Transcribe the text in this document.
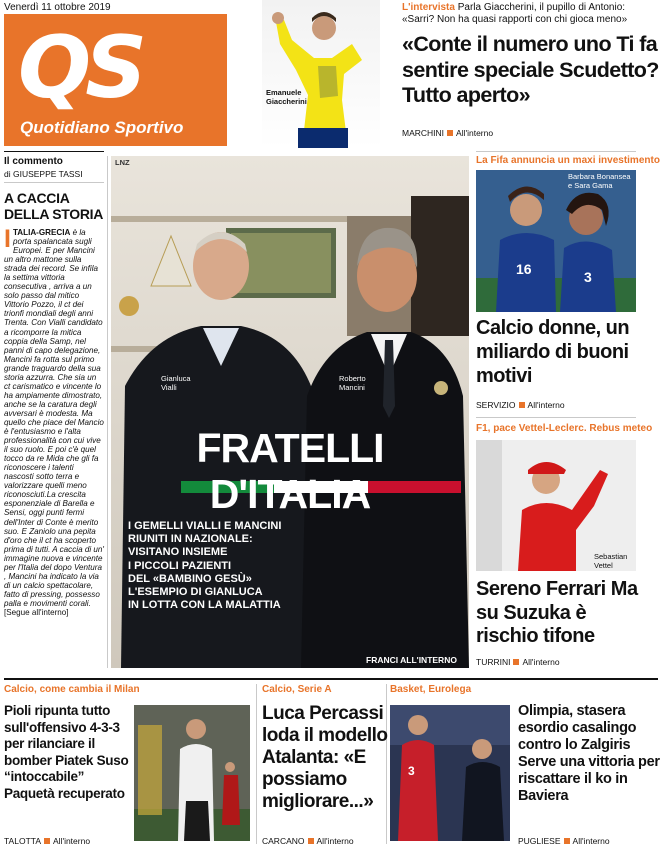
Venerdì 11 ottobre 2019
QS
Quotidiano Sportivo
Emanuele Giaccherini
L'intervista Parla Giaccherini, il pupillo di Antonio: «Sarri? Non ha quasi rapporti con chi gioca meno»
«Conte il numero uno Ti fa sentire speciale Scudetto? Tutto aperto»
MARCHINI All'interno
Il commento
di GIUSEPPE TASSI
A CACCIA DELLA STORIA
ITALIA-GRECIA è la porta spalancata sugli Europei. E per Mancini un altro mattone sulla strada dei record. Se infila la settima vittoria consecutiva , arriva a un solo passo dal mitico Vittorio Pozzo, il ct dei trionfi mondiali degli anni Trenta. Con Vialli candidato a ricomporre la mitica coppia della Samp, nel panni di capo delegazione, Mancini fa rotta sul primo grande traguardo della sua storia azzurra. Che sia un ct carismatico e vincente lo ha ampiamente dimostrato, anche se la caratura degli avversari è modesta. Ma quello che piace del Mancio è l'entusiasmo e l'alta professionalità con cui vive il suo ruolo. E poi c'è quel tocco da re Mida che gli fa riconoscere i talenti nascosti sotto terra e valorizzare quelli meno riconosciuti.La crescita esponenziale di Barella e Sensi, oggi punti fermi dell'Inter di Conte è merito suo. E Zaniolo una pepita d'oro che il ct ha scoperto prima di tutti. A caccia di un' immagine nuova e vincente per l'Italia del dopo Ventura , Mancini ha indicato la via di un calcio spettacolare, fatto di pressing, possesso palla e movimenti corali. [Segue all'interno]
LNZ
Gianluca Vialli
Roberto Mancini
FRATELLI D'ITALIA
I GEMELLI VIALLI E MANCINI
RIUNITI IN NAZIONALE:
VISITANO INSIEME
I PICCOLI PAZIENTI
DEL «BAMBINO GESÙ»
L'ESEMPIO DI GIANLUCA
IN LOTTA CON LA MALATTIA
FRANCI ALL'INTERNO
La Fifa annuncia un maxi investimento
16	3
Barbara Bonansea e Sara Gama
Calcio donne, un miliardo di buoni motivi
SERVIZIO All'interno
F1, pace Vettel-Leclerc. Rebus meteo
Sebastian Vettel
Sereno Ferrari Ma su Suzuka è rischio tifone
TURRINI All'interno
Calcio, come cambia il Milan
Pioli ripunta tutto sull'offensivo 4-3-3 per rilanciare il bomber Piatek Suso “intoccabile” Paquetà recuperato
TALOTTA All'interno
Calcio, Serie A
Luca Percassi loda il modello Atalanta: «E possiamo migliorare...»
CARCANO All'interno
Basket, Eurolega
3
Olimpia, stasera esordio casalingo contro lo Zalgiris Serve una vittoria per riscattare il ko in Baviera
PUGLIESE All'interno
